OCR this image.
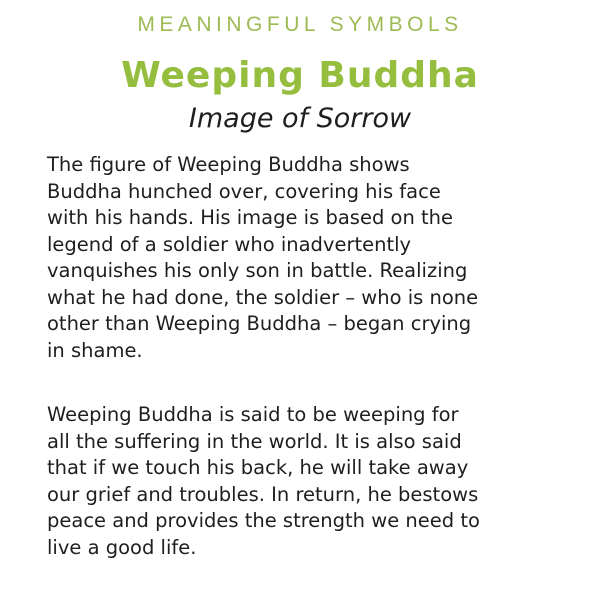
MEANINGFUL SYMBOLS
Weeping Buddha
Image of Sorrow

The figure of Weeping Buddha shows
Buddha hunched over, covering his face
with his hands. His image is based on the
legend of a soldier who inadvertently
vanquishes his only son in battle. Realizing
what he had done, the soldier – who is none
other than Weeping Buddha – began crying
in shame.

Weeping Buddha is said to be weeping for
all the suffering in the world. It is also said
that if we touch his back, he will take away
our grief and troubles. In return, he bestows
peace and provides the strength we need to
live a good life.
